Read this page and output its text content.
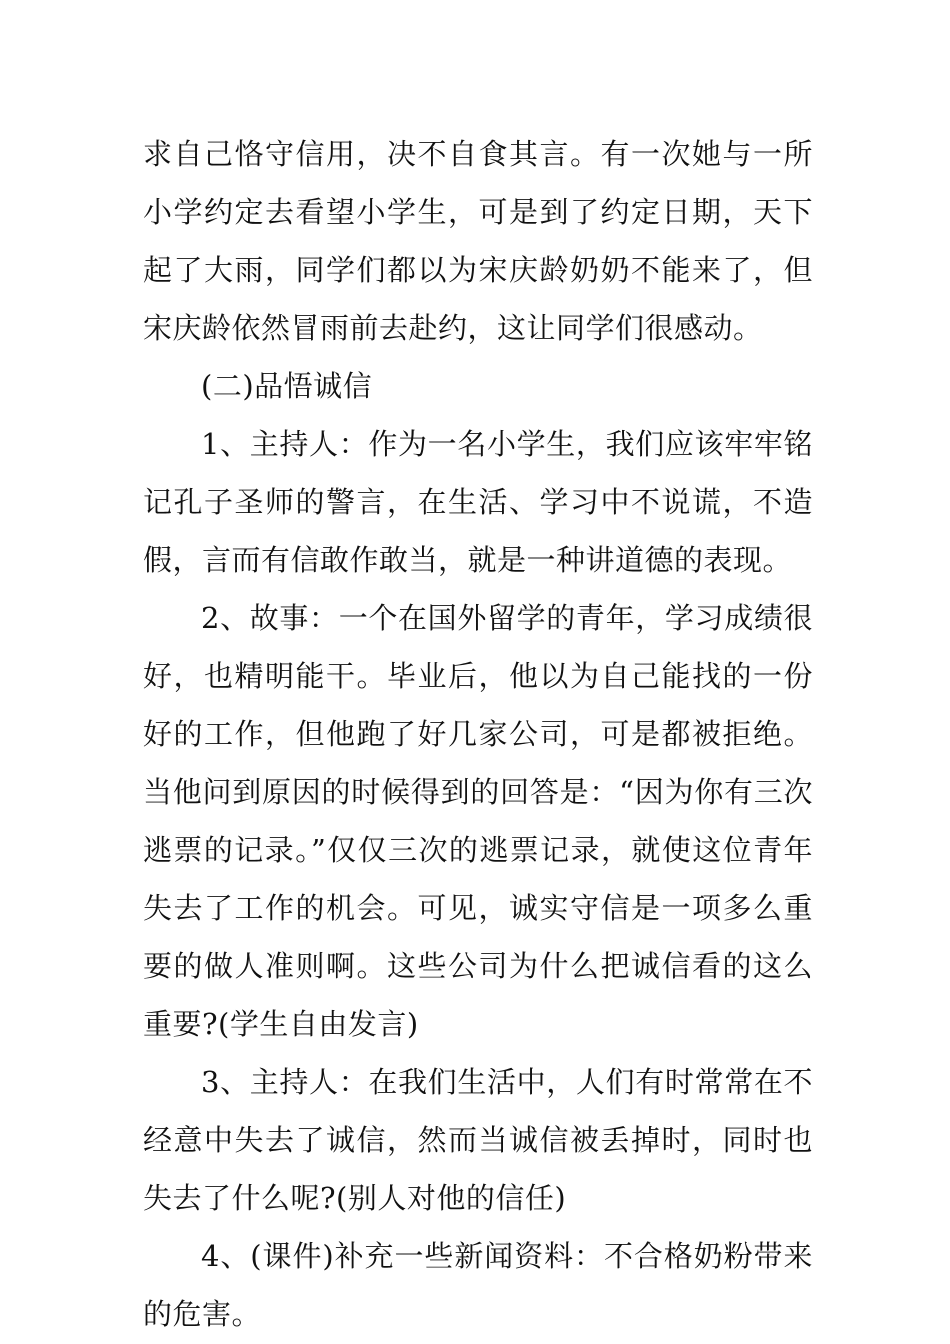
求自己恪守信用，决不自食其言。有一次她与一所小学约定去看望小学生，可是到了约定日期，天下起了大雨，同学们都以为宋庆龄奶奶不能来了，但宋庆龄依然冒雨前去赴约，这让同学们很感动。

(二)品悟诚信

1、主持人：作为一名小学生，我们应该牢牢铭记孔子圣师的警言，在生活、学习中不说谎，不造假，言而有信敢作敢当，就是一种讲道德的表现。

2、故事：一个在国外留学的青年，学习成绩很好，也精明能干。毕业后，他以为自己能找的一份好的工作，但他跑了好几家公司，可是都被拒绝。当他问到原因的时候得到的回答是：“因为你有三次逃票的记录。”仅仅三次的逃票记录，就使这位青年失去了工作的机会。可见，诚实守信是一项多么重要的做人准则啊。这些公司为什么把诚信看的这么重要?(学生自由发言)

3、主持人：在我们生活中，人们有时常常在不经意中失去了诚信，然而当诚信被丢掉时，同时也失去了什么呢?(别人对他的信任)

4、(课件)补充一些新闻资料：不合格奶粉带来的危害。
